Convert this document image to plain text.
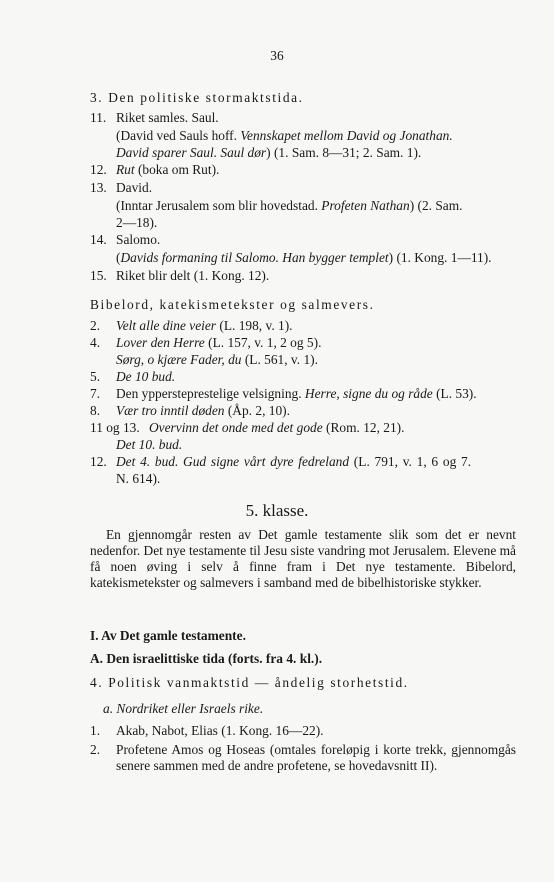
36
3. Den politiske stormaktstida.
11. Riket samles. Saul.
(David ved Sauls hoff. Vennskapet mellom David og Jonathan.
David sparer Saul. Saul dør) (1. Sam. 8—31; 2. Sam. 1).
12. Rut (boka om Rut).
13. David.
(Inntar Jerusalem som blir hovedstad. Profeten Nathan) (2. Sam.
2—18).
14. Salomo.
(Davids formaning til Salomo. Han bygger templet) (1. Kong. 1—11).
15. Riket blir delt (1. Kong. 12).
Bibelord, katekismetekster og salmevers.
2. Velt alle dine veier (L. 198, v. 1).
4. Lover den Herre (L. 157, v. 1, 2 og 5).
Sørg, o kjære Fader, du (L. 561, v. 1).
5. De 10 bud.
7. Den yppersteprestelige velsigning. Herre, signe du og råde (L. 53).
8. Vær tro inntil døden (Åp. 2, 10).
11 og 13. Overvinn det onde med det gode (Rom. 12, 21).
Det 10. bud.
12. Det 4. bud. Gud signe vårt dyre fedreland (L. 791, v. 1, 6 og 7.
N. 614).
5. klasse.
En gjennomgår resten av Det gamle testamente slik som det er nevnt nedenfor. Det nye testamente til Jesu siste vandring mot Jerusalem. Elevene må få noen øving i selv å finne fram i Det nye testamente. Bibelord, katekismetekster og salmevers i samband med de bibelhistoriske stykker.
I. Av Det gamle testamente.
A. Den israelittiske tida (forts. fra 4. kl.).
4. Politisk vanmaktstid — åndelig storhetstid.
a. Nordriket eller Israels rike.
1. Akab, Nabot, Elias (1. Kong. 16—22).
2. Profetene Amos og Hoseas (omtales foreløpig i korte trekk, gjennomgås senere sammen med de andre profetene, se hovedavsnitt II).
